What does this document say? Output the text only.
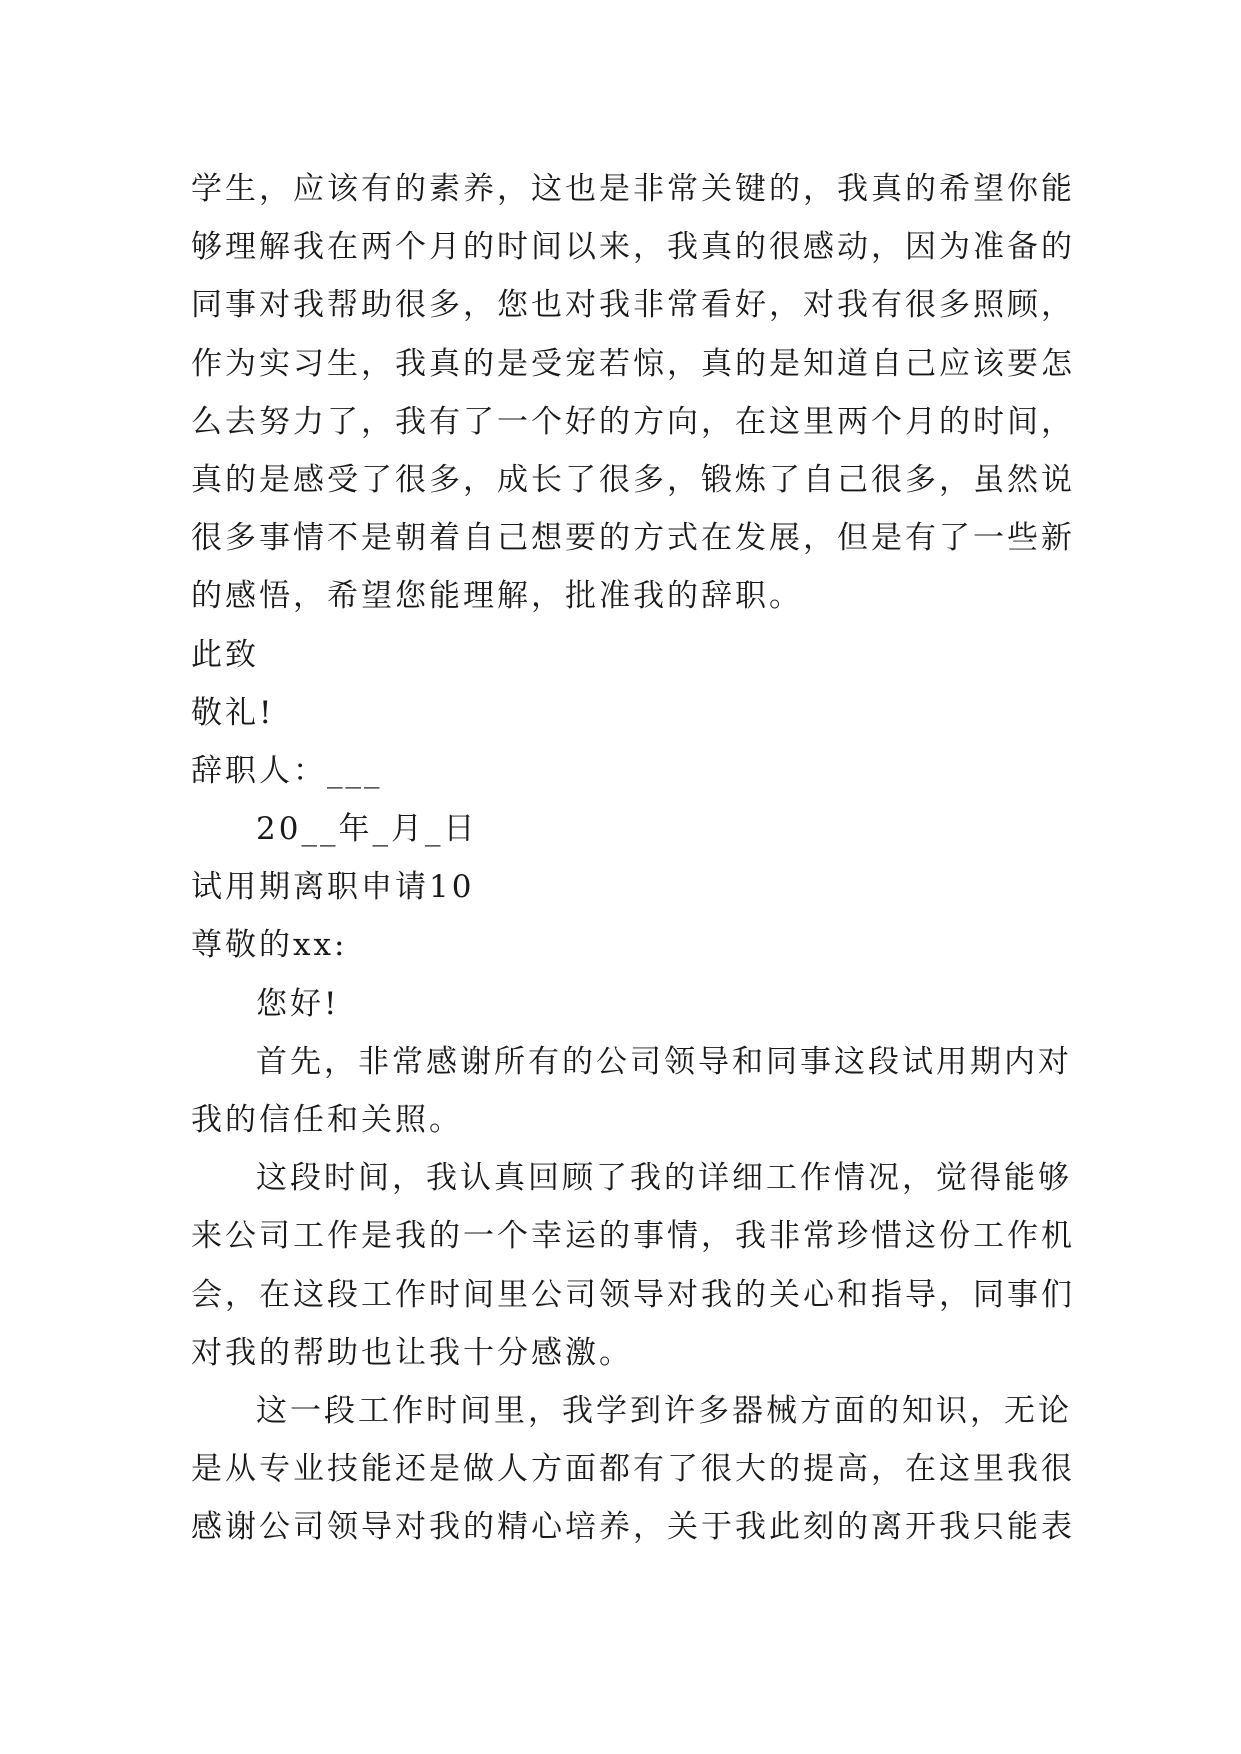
学生，应该有的素养，这也是非常关键的，我真的希望你能
够理解我在两个月的时间以来，我真的很感动，因为准备的
同事对我帮助很多，您也对我非常看好，对我有很多照顾，
作为实习生，我真的是受宠若惊，真的是知道自己应该要怎
么去努力了，我有了一个好的方向，在这里两个月的时间，
真的是感受了很多，成长了很多，锻炼了自己很多，虽然说
很多事情不是朝着自己想要的方式在发展，但是有了一些新
的感悟，希望您能理解，批准我的辞职。
此致
敬礼!
辞职人：___
20__年_月_日
试用期离职申请10
尊敬的xx:
您好!
首先，非常感谢所有的公司领导和同事这段试用期内对
我的信任和关照。
这段时间，我认真回顾了我的详细工作情况，觉得能够
来公司工作是我的一个幸运的事情，我非常珍惜这份工作机
会，在这段工作时间里公司领导对我的关心和指导，同事们
对我的帮助也让我十分感激。
这一段工作时间里，我学到许多器械方面的知识，无论
是从专业技能还是做人方面都有了很大的提高，在这里我很
感谢公司领导对我的精心培养，关于我此刻的离开我只能表
